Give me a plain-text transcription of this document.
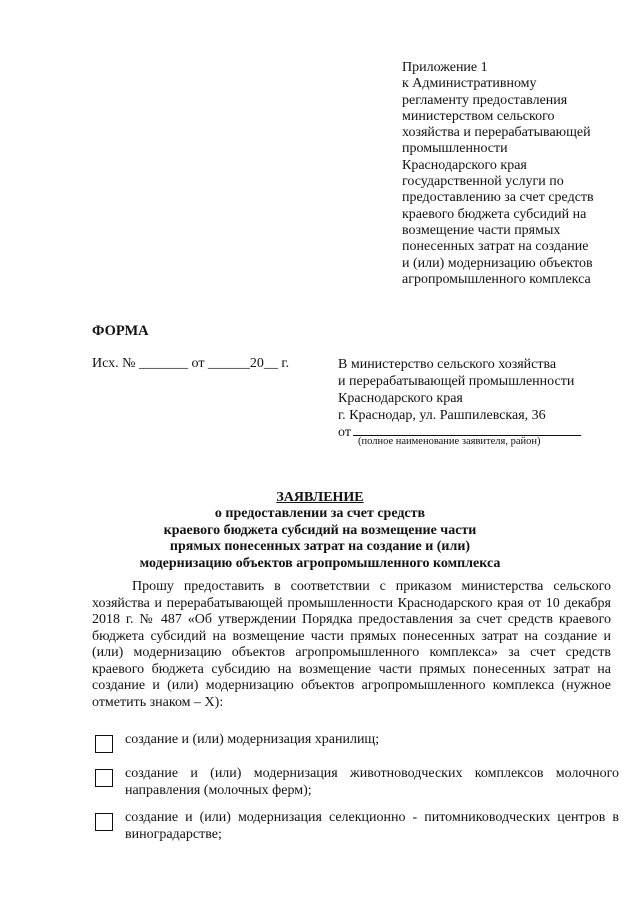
Приложение 1
к Административному
регламенту предоставления
министерством сельского
хозяйства и перерабатывающей
промышленности
Краснодарского края
государственной услуги по
предоставлению за счет средств
краевого бюджета субсидий на
возмещение части прямых
понесенных затрат на создание
и (или) модернизацию объектов
агропромышленного комплекса
ФОРМА
Исх. № _______ от ______20__ г.	В министерство сельского хозяйства
и перерабатывающей промышленности
Краснодарского края
г. Краснодар, ул. Рашпилевская, 36
от
(полное наименование заявителя, район)
ЗАЯВЛЕНИЕ
о предоставлении за счет средств
краевого бюджета субсидий на возмещение части
прямых понесенных затрат на создание и (или)
модернизацию объектов агропромышленного комплекса
Прошу предоставить в соответствии с приказом министерства сельского хозяйства и перерабатывающей промышленности Краснодарского края от 10 декабря 2018 г. № 487 «Об утверждении Порядка предоставления за счет средств краевого бюджета субсидий на возмещение части прямых понесенных затрат на создание и (или) модернизацию объектов агропромышленного комплекса» за счет средств краевого бюджета субсидию на возмещение части прямых понесенных затрат на создание и (или) модернизацию объектов агропромышленного комплекса (нужное отметить знаком – X):
создание и (или) модернизация хранилищ;
создание и (или) модернизация животноводческих комплексов молочного направления (молочных ферм);
создание и (или) модернизация селекционно - питомниководческих центров в виноградарстве;
